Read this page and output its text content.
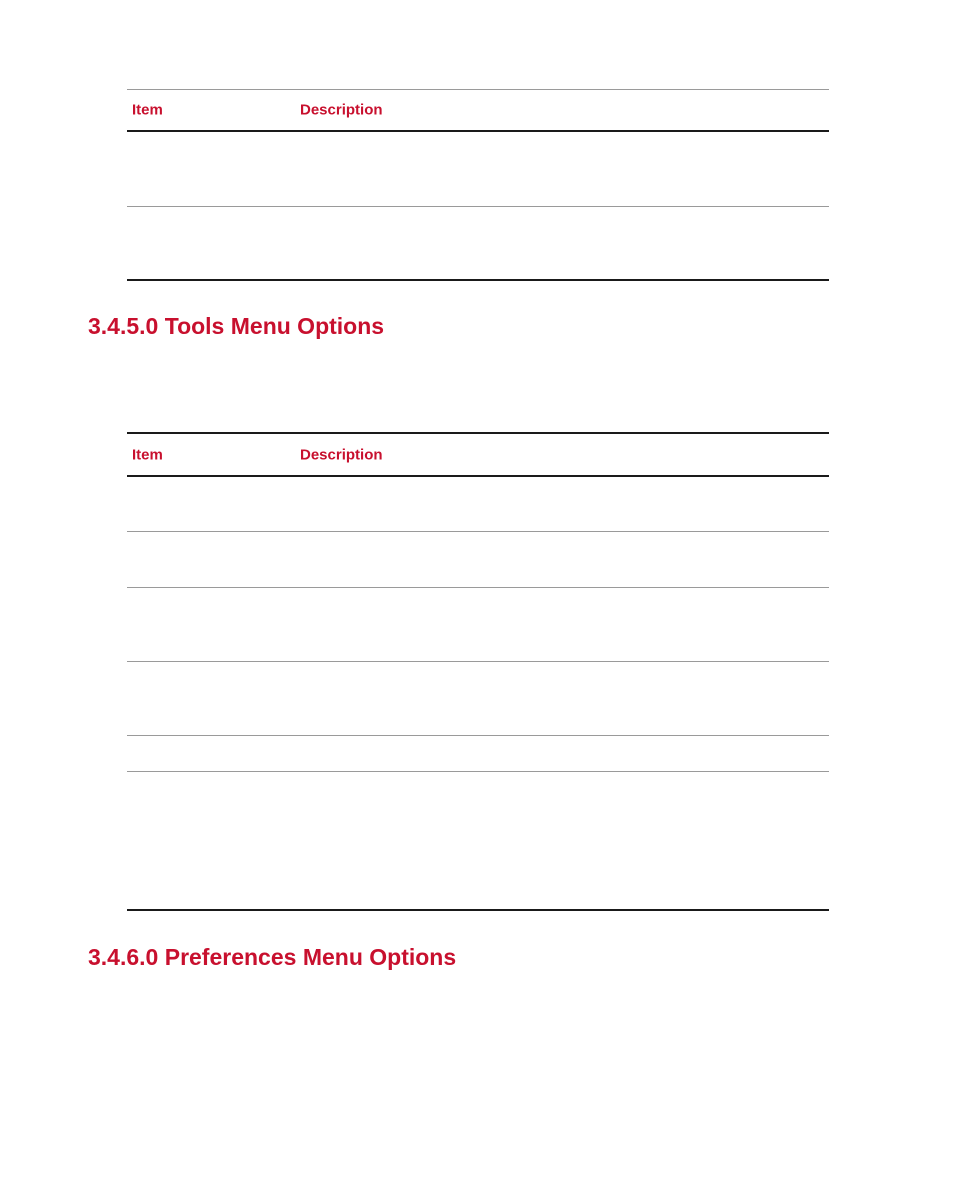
Item	Description
3.4.5.0 Tools Menu Options
Item	Description
3.4.6.0 Preferences Menu Options
